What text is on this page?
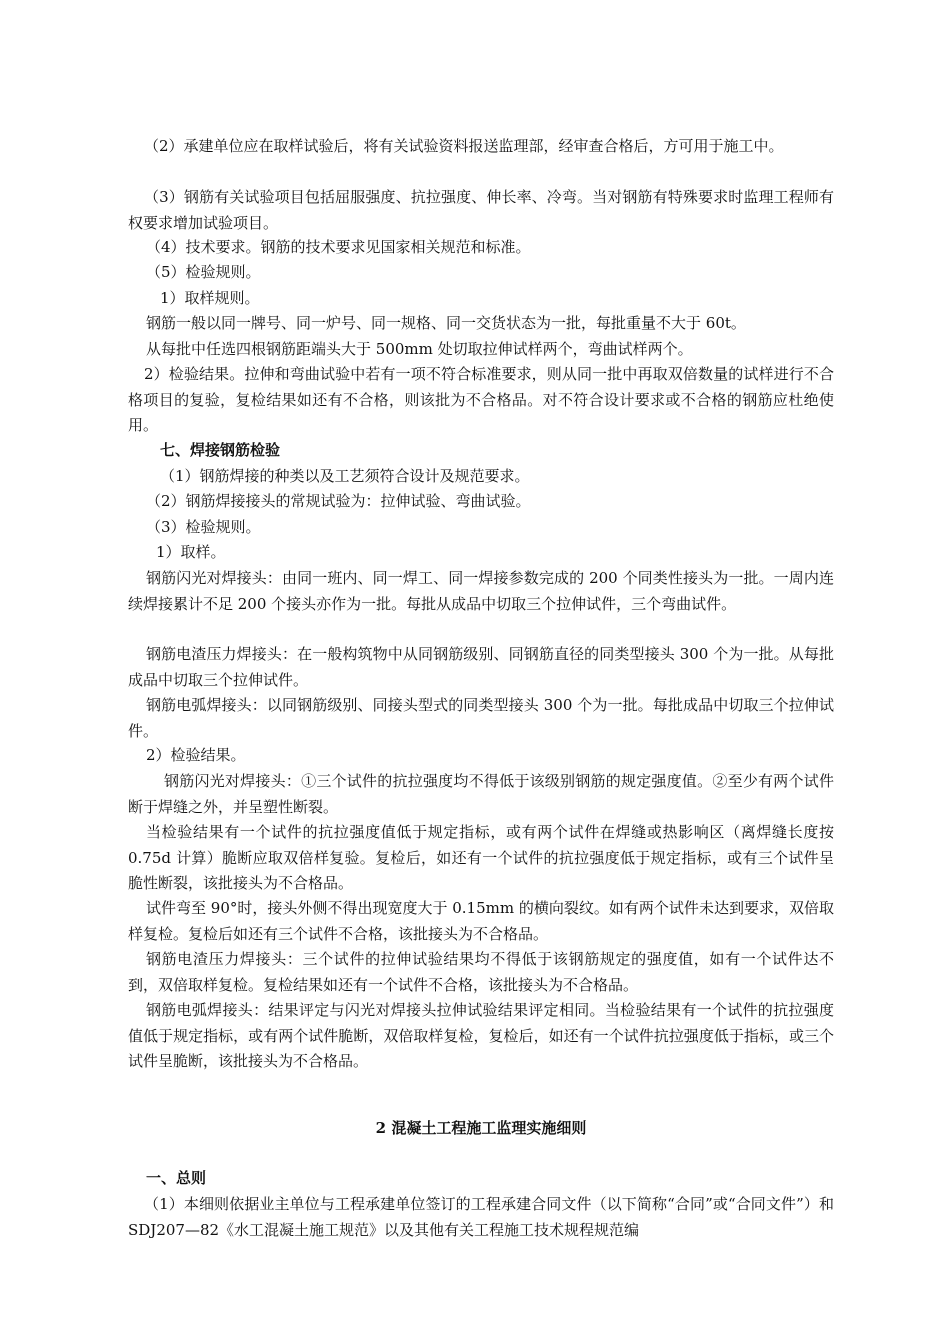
（2）承建单位应在取样试验后，将有关试验资料报送监理部，经审查合格后，方可用于施工中。
（3）钢筋有关试验项目包括屈服强度、抗拉强度、伸长率、冷弯。当对钢筋有特殊要求时监理工程师有权要求增加试验项目。
（4）技术要求。钢筋的技术要求见国家相关规范和标准。
（5）检验规则。
1）取样规则。
钢筋一般以同一牌号、同一炉号、同一规格、同一交货状态为一批，每批重量不大于 60t。
从每批中任选四根钢筋距端头大于 500mm 处切取拉伸试样两个，弯曲试样两个。
2）检验结果。拉伸和弯曲试验中若有一项不符合标准要求，则从同一批中再取双倍数量的试样进行不合格项目的复验，复检结果如还有不合格，则该批为不合格品。对不符合设计要求或不合格的钢筋应杜绝使用。
七、焊接钢筋检验
（1）钢筋焊接的种类以及工艺须符合设计及规范要求。
（2）钢筋焊接接头的常规试验为：拉伸试验、弯曲试验。
（3）检验规则。
1）取样。
钢筋闪光对焊接头：由同一班内、同一焊工、同一焊接参数完成的 200 个同类性接头为一批。一周内连续焊接累计不足 200 个接头亦作为一批。每批从成品中切取三个拉伸试件，三个弯曲试件。
钢筋电渣压力焊接头：在一般构筑物中从同钢筋级别、同钢筋直径的同类型接头 300 个为一批。从每批成品中切取三个拉伸试件。
钢筋电弧焊接头：以同钢筋级别、同接头型式的同类型接头 300 个为一批。每批成品中切取三个拉伸试件。
2）检验结果。
钢筋闪光对焊接头：①三个试件的抗拉强度均不得低于该级别钢筋的规定强度值。②至少有两个试件断于焊缝之外，并呈塑性断裂。
当检验结果有一个试件的抗拉强度值低于规定指标，或有两个试件在焊缝或热影响区（离焊缝长度按 0.75d 计算）脆断应取双倍样复验。复检后，如还有一个试件的抗拉强度低于规定指标，或有三个试件呈脆性断裂，该批接头为不合格品。
试件弯至 90°时，接头外侧不得出现宽度大于 0.15mm 的横向裂纹。如有两个试件未达到要求，双倍取样复检。复检后如还有三个试件不合格，该批接头为不合格品。
钢筋电渣压力焊接头：三个试件的拉伸试验结果均不得低于该钢筋规定的强度值，如有一个试件达不到，双倍取样复检。复检结果如还有一个试件不合格，该批接头为不合格品。
钢筋电弧焊接头：结果评定与闪光对焊接头拉伸试验结果评定相同。当检验结果有一个试件的抗拉强度值低于规定指标，或有两个试件脆断，双倍取样复检，复检后，如还有一个试件抗拉强度低于指标，或三个试件呈脆断，该批接头为不合格品。
2 混凝土工程施工监理实施细则
一、总则
（1）本细则依据业主单位与工程承建单位签订的工程承建合同文件（以下简称“合同”或“合同文件”）和 SDJ207—82《水工混凝土施工规范》以及其他有关工程施工技术规程规范编
